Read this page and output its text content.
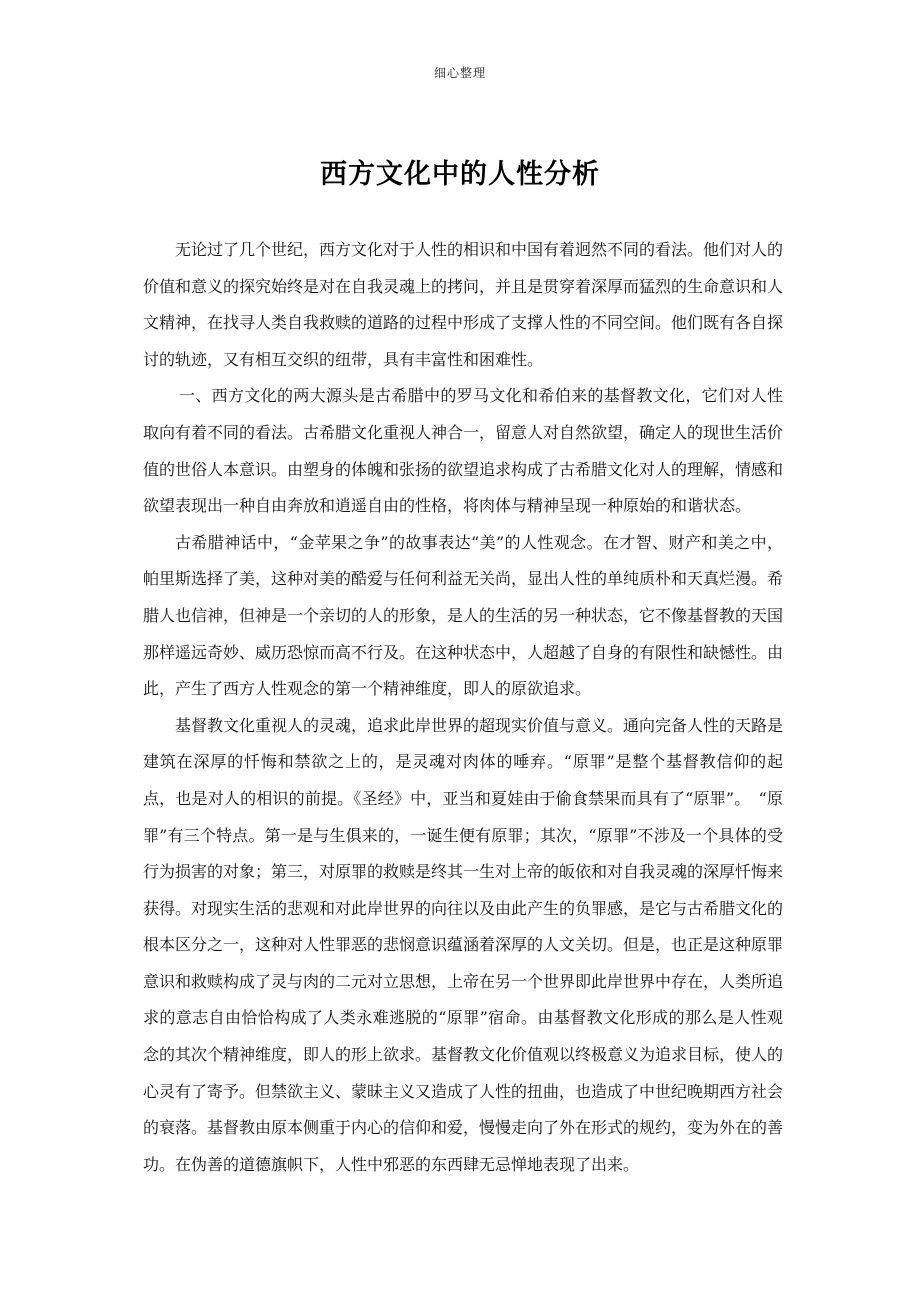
细心整理
西方文化中的人性分析

无论过了几个世纪，西方文化对于人性的相识和中国有着迥然不同的看法。他们对人的价值和意义的探究始终是对在自我灵魂上的拷问，并且是贯穿着深厚而猛烈的生命意识和人文精神，在找寻人类自我救赎的道路的过程中形成了支撑人性的不同空间。他们既有各自探讨的轨迹，又有相互交织的纽带，具有丰富性和困难性。

一、西方文化的两大源头是古希腊中的罗马文化和希伯来的基督教文化，它们对人性取向有着不同的看法。古希腊文化重视人神合一，留意人对自然欲望，确定人的现世生活价值的世俗人本意识。由塑身的体魄和张扬的欲望追求构成了古希腊文化对人的理解，情感和欲望表现出一种自由奔放和逍遥自由的性格，将肉体与精神呈现一种原始的和谐状态。

古希腊神话中，“金苹果之争”的故事表达“美”的人性观念。在才智、财产和美之中，帕里斯选择了美，这种对美的酷爱与任何利益无关尚，显出人性的单纯质朴和天真烂漫。希腊人也信神，但神是一个亲切的人的形象，是人的生活的另一种状态，它不像基督教的天国那样遥远奇妙、威历恐惊而高不行及。在这种状态中，人超越了自身的有限性和缺憾性。由此，产生了西方人性观念的第一个精神维度，即人的原欲追求。

基督教文化重视人的灵魂，追求此岸世界的超现实价值与意义。通向完备人性的天路是建筑在深厚的忏悔和禁欲之上的，是灵魂对肉体的唾弃。“原罪”是整个基督教信仰的起点，也是对人的相识的前提。《圣经》中，亚当和夏娃由于偷食禁果而具有了“原罪”。　“原罪”有三个特点。第一是与生俱来的，一诞生便有原罪；其次，“原罪”不涉及一个具体的受行为损害的对象；第三，对原罪的救赎是终其一生对上帝的皈依和对自我灵魂的深厚忏悔来获得。对现实生活的悲观和对此岸世界的向往以及由此产生的负罪感，是它与古希腊文化的根本区分之一，这种对人性罪恶的悲悯意识蕴涵着深厚的人文关切。但是，也正是这种原罪意识和救赎构成了灵与肉的二元对立思想，上帝在另一个世界即此岸世界中存在，人类所追求的意志自由恰恰构成了人类永难逃脱的“原罪”宿命。由基督教文化形成的那么是人性观念的其次个精神维度，即人的形上欲求。基督教文化价值观以终极意义为追求目标，使人的心灵有了寄予。但禁欲主义、蒙昧主义又造成了人性的扭曲，也造成了中世纪晚期西方社会的衰落。基督教由原本侧重于内心的信仰和爱，慢慢走向了外在形式的规约，变为外在的善功。在伪善的道德旗帜下，人性中邪恶的东西肆无忌惮地表现了出来。
